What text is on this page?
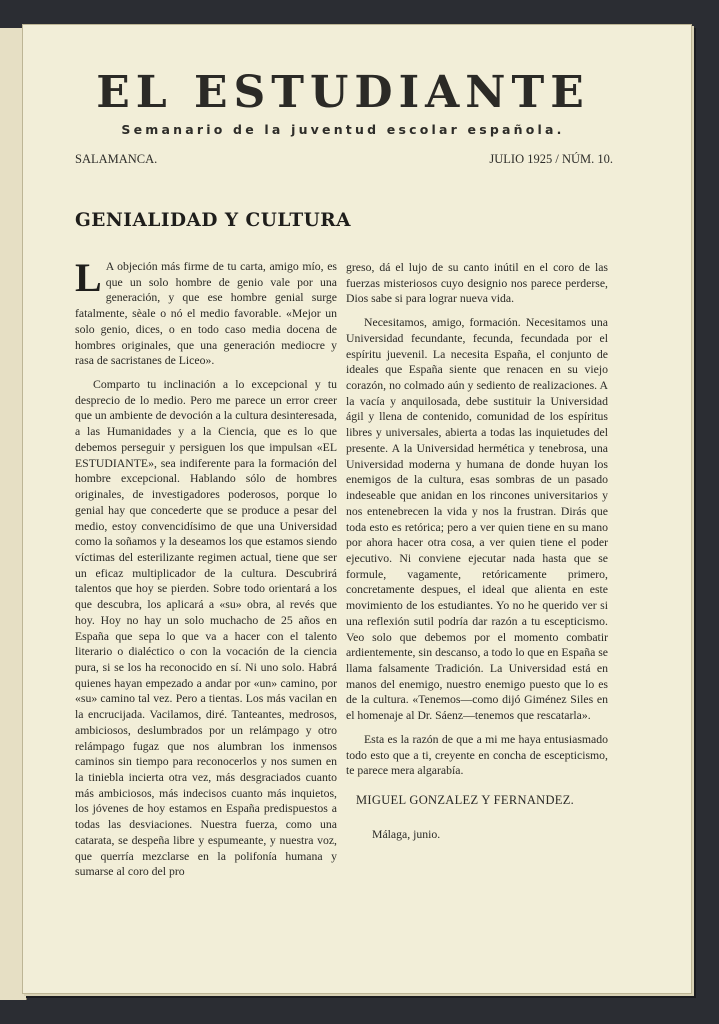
EL ESTUDIANTE
Semanario de la juventud escolar española.
SALAMANCA.	JULIO 1925 / NÚM. 10.
GENIALIDAD Y CULTURA

L A objeción más firme de tu carta, amigo mío, es que un solo hombre de genio vale por una generación, y que ese hombre genial surge fatalmente, sèale o nó el medio favorable. «Mejor un solo genio, dices, o en todo caso media docena de hombres originales, que una generación mediocre y rasa de sacristanes de Liceo».

Comparto tu inclinación a lo excepcional y tu desprecio de lo medio. Pero me parece un error creer que un ambiente de devoción a la cultura desinteresada, a las Humanidades y a la Ciencia, que es lo que debemos perseguir y persiguen los que impulsan «EL ESTUDIANTE», sea indiferente para la formación del hombre excepcional. Hablando sólo de hombres originales, de investigadores poderosos, porque lo genial hay que concederte que se produce a pesar del medio, estoy convencidísimo de que una Universidad como la soñamos y la deseamos los que estamos siendo víctimas del esterilizante regimen actual, tiene que ser un eficaz multiplicador de la cultura. Descubrirá talentos que hoy se pierden. Sobre todo orientará a los que descubra, los aplicará a «su» obra, al revés que hoy. Hoy no hay un solo muchacho de 25 años en España que sepa lo que va a hacer con el talento literario o dialéctico o con la vocación de la ciencia pura, si se los ha reconocido en sí. Ni uno solo. Habrá quienes hayan empezado a andar por «un» camino, por «su» camino tal vez. Pero a tientas. Los más vacilan en la encrucijada. Vacilamos, diré. Tanteantes, medrosos, ambiciosos, deslumbrados por un relámpago y otro relámpago fugaz que nos alumbran los inmensos caminos sin tiempo para reconocerlos y nos sumen en la tiniebla incierta otra vez, más desgraciados cuanto más ambiciosos, más indecisos cuanto más inquietos, los jóvenes de hoy estamos en España predispuestos a todas las desviaciones. Nuestra fuerza, como una catarata, se despeña libre y espumeante, y nuestra voz, que querría mezclarse en la polifonía humana y sumarse al coro del pro

greso, dá el lujo de su canto inútil en el coro de las fuerzas misteriosos cuyo designio nos parece perderse, Dios sabe si para lograr nueva vida.

Necesitamos, amigo, formación. Necesitamos una Universidad fecundante, fecunda, fecundada por el espíritu juevenil. La necesita España, el conjunto de ideales que España siente que renacen en su viejo corazón, no colmado aún y sediento de realizaciones. A la vacía y anquilosada, debe sustituir la Universidad ágil y llena de contenido, comunidad de los espíritus libres y universales, abierta a todas las inquietudes del presente. A la Universidad hermética y tenebrosa, una Universidad moderna y humana de donde huyan los enemigos de la cultura, esas sombras de un pasado indeseable que anidan en los rincones universitarios y nos entenebrecen la vida y nos la frustran. Dirás que toda esto es retórica; pero a ver quien tiene en su mano por ahora hacer otra cosa, a ver quien tiene el poder ejecutivo. Ni conviene ejecutar nada hasta que se formule, vagamente, retóricamente primero, concretamente despues, el ideal que alienta en este movimiento de los estudiantes. Yo no he querido ver si una reflexión sutil podría dar razón a tu escepticismo. Veo solo que debemos por el momento combatir ardientemente, sin descanso, a todo lo que en España se llama falsamente Tradición. La Universidad está en manos del enemigo, nuestro enemigo puesto que lo es de la cultura. «Tenemos—como dijó Giménez Siles en el homenaje al Dr. Sáenz—tenemos que rescatarla».

Esta es la razón de que a mi me haya entusiasmado todo esto que a ti, creyente en concha de escepticismo, te parece mera algarabía.

MIGUEL GONZALEZ Y FERNANDEZ.

Málaga, junio.
